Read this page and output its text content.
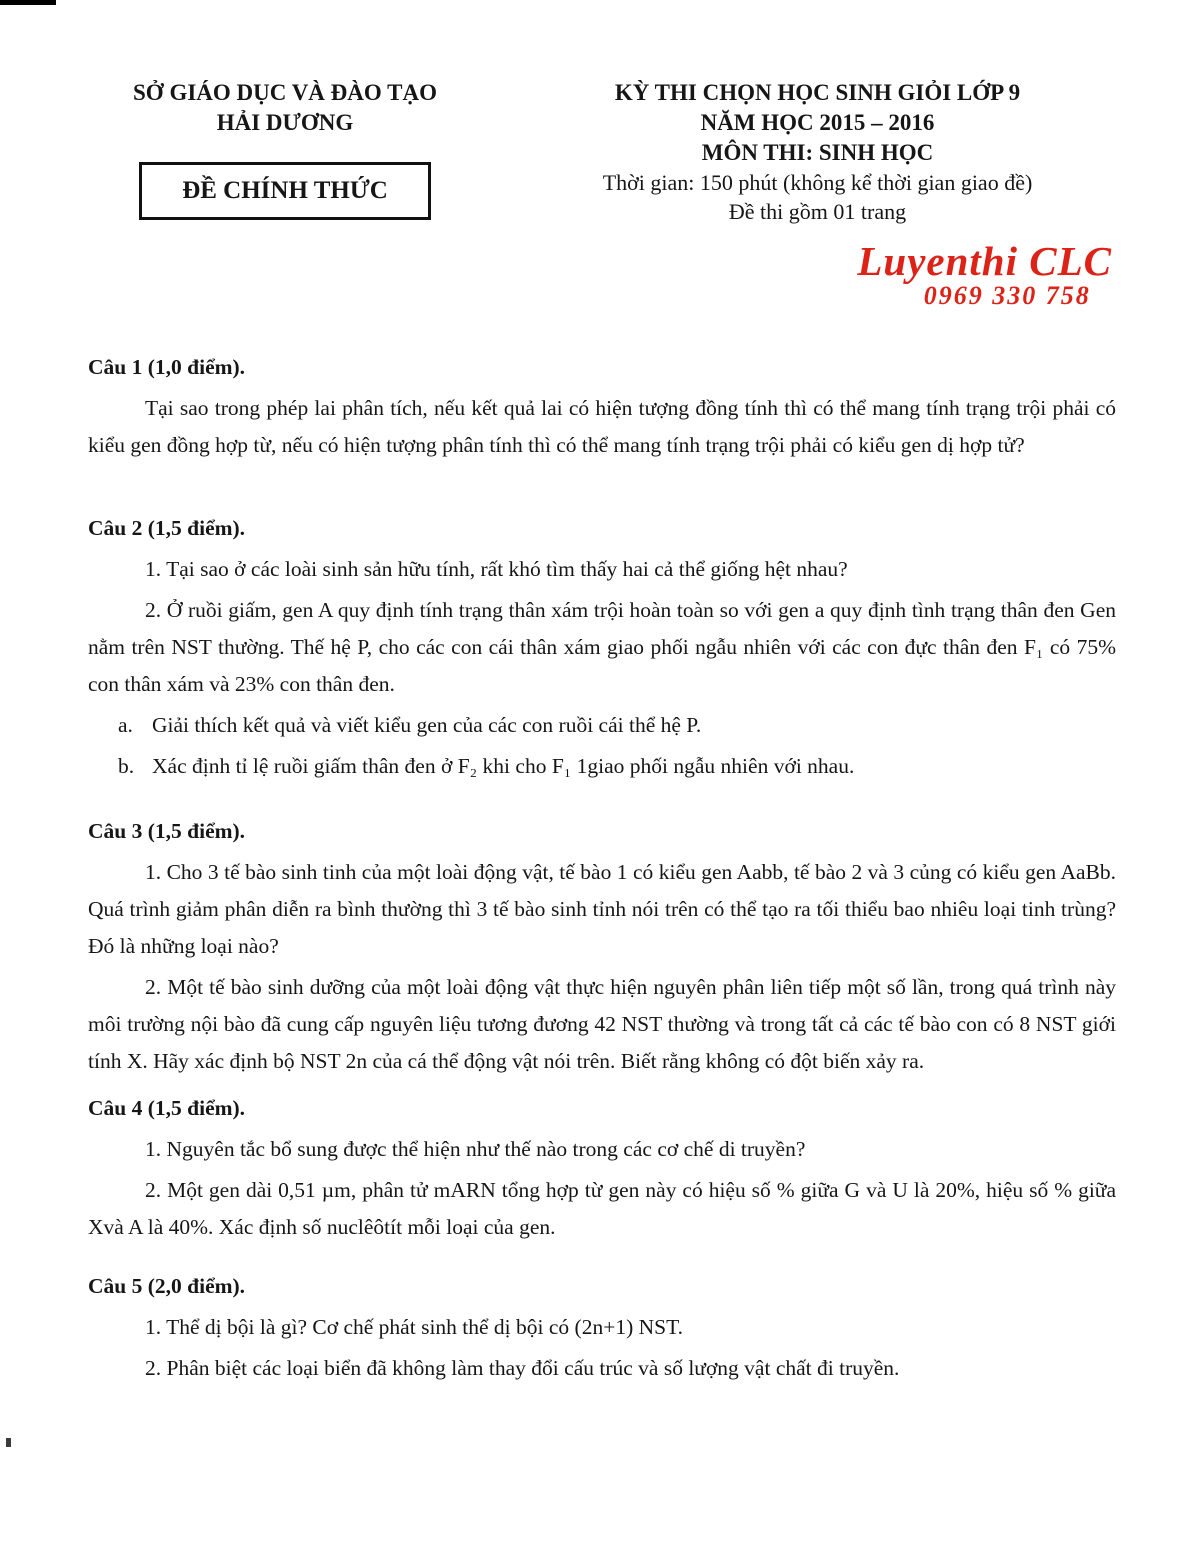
SỞ GIÁO DỤC VÀ ĐÀO TẠO
HẢI DƯƠNG
ĐỀ CHÍNH THỨC
KỲ THI CHỌN HỌC SINH GIỎI LỚP 9
NĂM HỌC 2015 – 2016
MÔN THI: SINH HỌC
Thời gian: 150 phút (không kể thời gian giao đề)
Đề thi gồm 01 trang
Luyenthi CLC
0969 330 758
Câu 1 (1,0 điểm).

Tại sao trong phép lai phân tích, nếu kết quả lai có hiện tượng đồng tính thì có thể mang tính trạng trội phải có kiểu gen đồng hợp từ, nếu có hiện tượng phân tính thì có thể mang tính trạng trội phải có kiểu gen dị hợp tử?

Câu 2 (1,5 điểm).

1. Tại sao ở các loài sinh sản hữu tính, rất khó tìm thấy hai cả thể giống hệt nhau?

2. Ở ruồi giấm, gen A quy định tính trạng thân xám trội hoàn toàn so với gen a quy định tình trạng thân đen Gen nằm trên NST thường. Thế hệ P, cho các con cái thân xám giao phối ngẫu nhiên với các con đực thân đen F₁ có 75% con thân xám và 23% con thân đen.

a. Giải thích kết quả và viết kiểu gen của các con ruồi cái thể hệ P.
b. Xác định tỉ lệ ruồi giấm thân đen ở F₂ khi cho F₁ 1giao phối ngẫu nhiên với nhau.
Câu 3 (1,5 điểm).

1. Cho 3 tế bào sinh tinh của một loài động vật, tế bào 1 có kiểu gen Aabb, tế bào 2 và 3 củng có kiểu gen AaBb. Quá trình giảm phân diễn ra bình thường thì 3 tế bào sinh tỉnh nói trên có thể tạo ra tối thiểu bao nhiêu loại tinh trùng? Đó là những loại nào?

2. Một tế bào sinh dưỡng của một loài động vật thực hiện nguyên phân liên tiếp một số lần, trong quá trình này môi trường nội bào đã cung cấp nguyên liệu tương đương 42 NST thường và trong tất cả các tế bào con có 8 NST giới tính X. Hãy xác định bộ NST 2n của cá thể động vật nói trên. Biết rằng không có đột biến xảy ra.

Câu 4 (1,5 điểm).

1. Nguyên tắc bổ sung được thể hiện như thế nào trong các cơ chế di truyền?

2. Một gen dài 0,51 µm, phân tử mARN tổng hợp từ gen này có hiệu số % giữa G và U là 20%, hiệu số % giữa Xvà A là 40%. Xác định số nuclêôtít mỗi loại của gen.

Câu 5 (2,0 điểm).

1. Thể dị bội là gì? Cơ chế phát sinh thể dị bội có (2n+1) NST.

2. Phân biệt các loại biển đã không làm thay đổi cấu trúc và số lượng vật chất đi truyền.
